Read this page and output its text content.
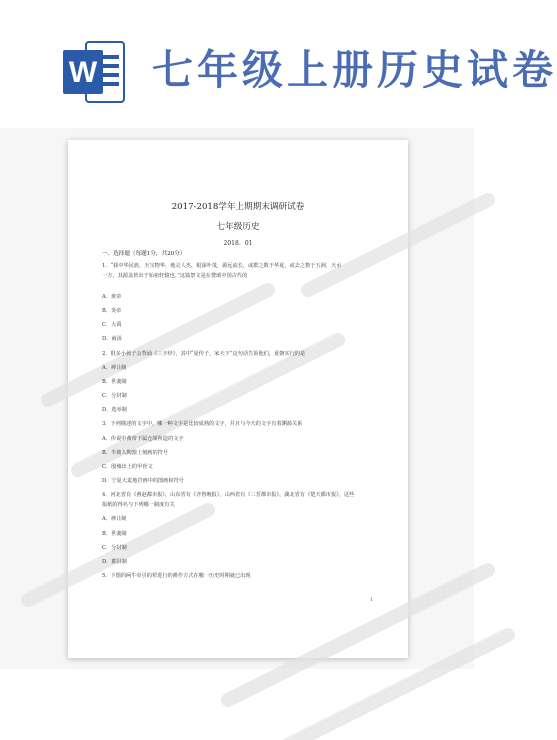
W 七年级上册历史试卷
2017-2018学年上期期末调研试卷
七年级历史
2018．01
一、选择题（每题1分，共20分）
1．“我中华民族，天宝物华，地灵人杰，根深叶茂，源远流长，或群之数于华夏，或去之数于五洲，天水
一方，其源盖皆出于始祖轩辕也。”这篇祭文是在赞颂中国古代的
A．黄帝
B．炎帝
C．大禹
D．商汤
2．很多小孩子会背诵《三字经》，其中“夏传子，家天下”这句话告诉他们，夏朝实行的是
A．禅让制
B．世袭制
C．分封制
D．选举制
3．下列描述的文字中，哪一种文字是比较成熟的文字，并且与今天的文字有着渊源关系
A．传说中黄帝下属仓颉所造的文字
B．半坡人陶器上刻画的符号
C．殷墟出土的甲骨文
D．宁夏大麦地岩画中的图画和符号
4．河北省有《燕赵都市报》，山东省有《齐鲁晚报》，山西省有《三晋都市报》，湖北省有《楚天都市报》，这些
报纸的得名与下列哪一制度有关
A．禅让制
B．世袭制
C．分封制
D．郡县制
5．下图的两牛牵引的犁进行的耕作方式在哪一历史时期就已出现
1
